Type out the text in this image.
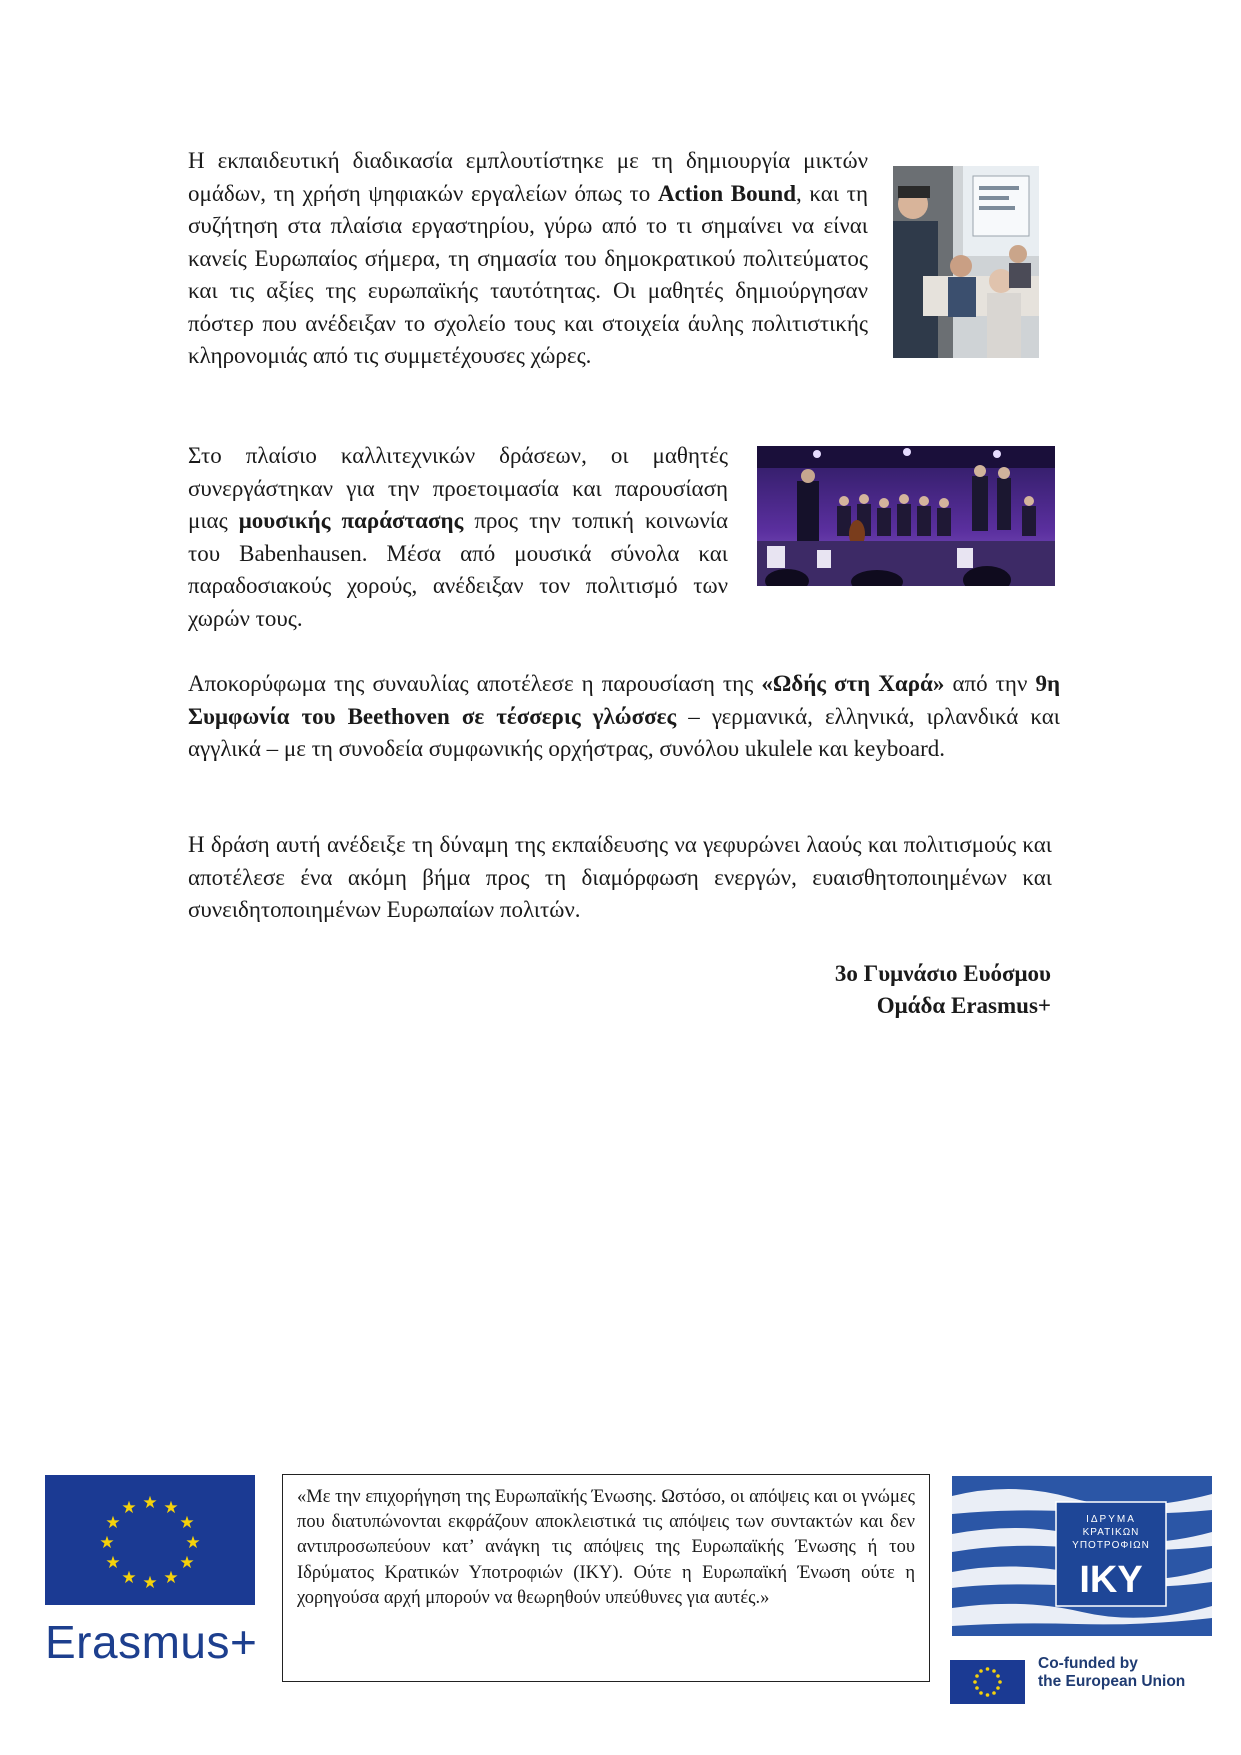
Η εκπαιδευτική διαδικασία εμπλουτίστηκε με τη δημιουργία μικτών ομάδων, τη χρήση ψηφιακών εργαλείων όπως το Action Bound, και τη συζήτηση στα πλαίσια εργαστηρίου, γύρω από το τι σημαίνει να είναι κανείς Ευρωπαίος σήμερα, τη σημασία του δημοκρατικού πολιτεύματος και τις αξίες της ευρωπαϊκής ταυτότητας. Οι μαθητές δημιούργησαν πόστερ που ανέδειξαν το σχολείο τους και στοιχεία άυλης πολιτιστικής κληρονομιάς από τις συμμετέχουσες χώρες.

Στο πλαίσιο καλλιτεχνικών δράσεων, οι μαθητές συνεργάστηκαν για την προετοιμασία και παρουσίαση μιας μουσικής παράστασης προς την τοπική κοινωνία του Babenhausen. Μέσα από μουσικά σύνολα και παραδοσιακούς χορούς, ανέδειξαν τον πολιτισμό των χωρών τους.

Αποκορύφωμα της συναυλίας αποτέλεσε η παρουσίαση της «Ωδής στη Χαρά» από την 9η Συμφωνία του Beethoven σε τέσσερις γλώσσες – γερμανικά, ελληνικά, ιρλανδικά και αγγλικά – με τη συνοδεία συμφωνικής ορχήστρας, συνόλου ukulele και keyboard.

Η δράση αυτή ανέδειξε τη δύναμη της εκπαίδευσης να γεφυρώνει λαούς και πολιτισμούς και αποτέλεσε ένα ακόμη βήμα προς τη διαμόρφωση ενεργών, ευαισθητοποιημένων και συνειδητοποιημένων Ευρωπαίων πολιτών.

3ο Γυμνάσιο Ευόσμου
Ομάδα Erasmus+
★ ★
★
★
★
★
★
★
★
★
★
★
Erasmus+
«Με την επιχορήγηση της Ευρωπαϊκής Ένωσης. Ωστόσο, οι απόψεις και οι γνώμες που διατυπώνονται εκφράζουν αποκλειστικά τις απόψεις των συντακτών και δεν αντιπροσωπεύουν κατ’ ανάγκη τις απόψεις της Ευρωπαϊκής Ένωσης ή του Ιδρύματος Κρατικών Υποτροφιών (ΙΚΥ). Ούτε η Ευρωπαϊκή Ένωση ούτε η χορηγούσα αρχή μπορούν να θεωρηθούν υπεύθυνες για αυτές.»
ΙΔΡΥΜΑ
ΚΡΑΤΙΚΩΝ
ΥΠΟΤΡΟΦΙΩΝ
IKY
Co-funded by
the European Union
